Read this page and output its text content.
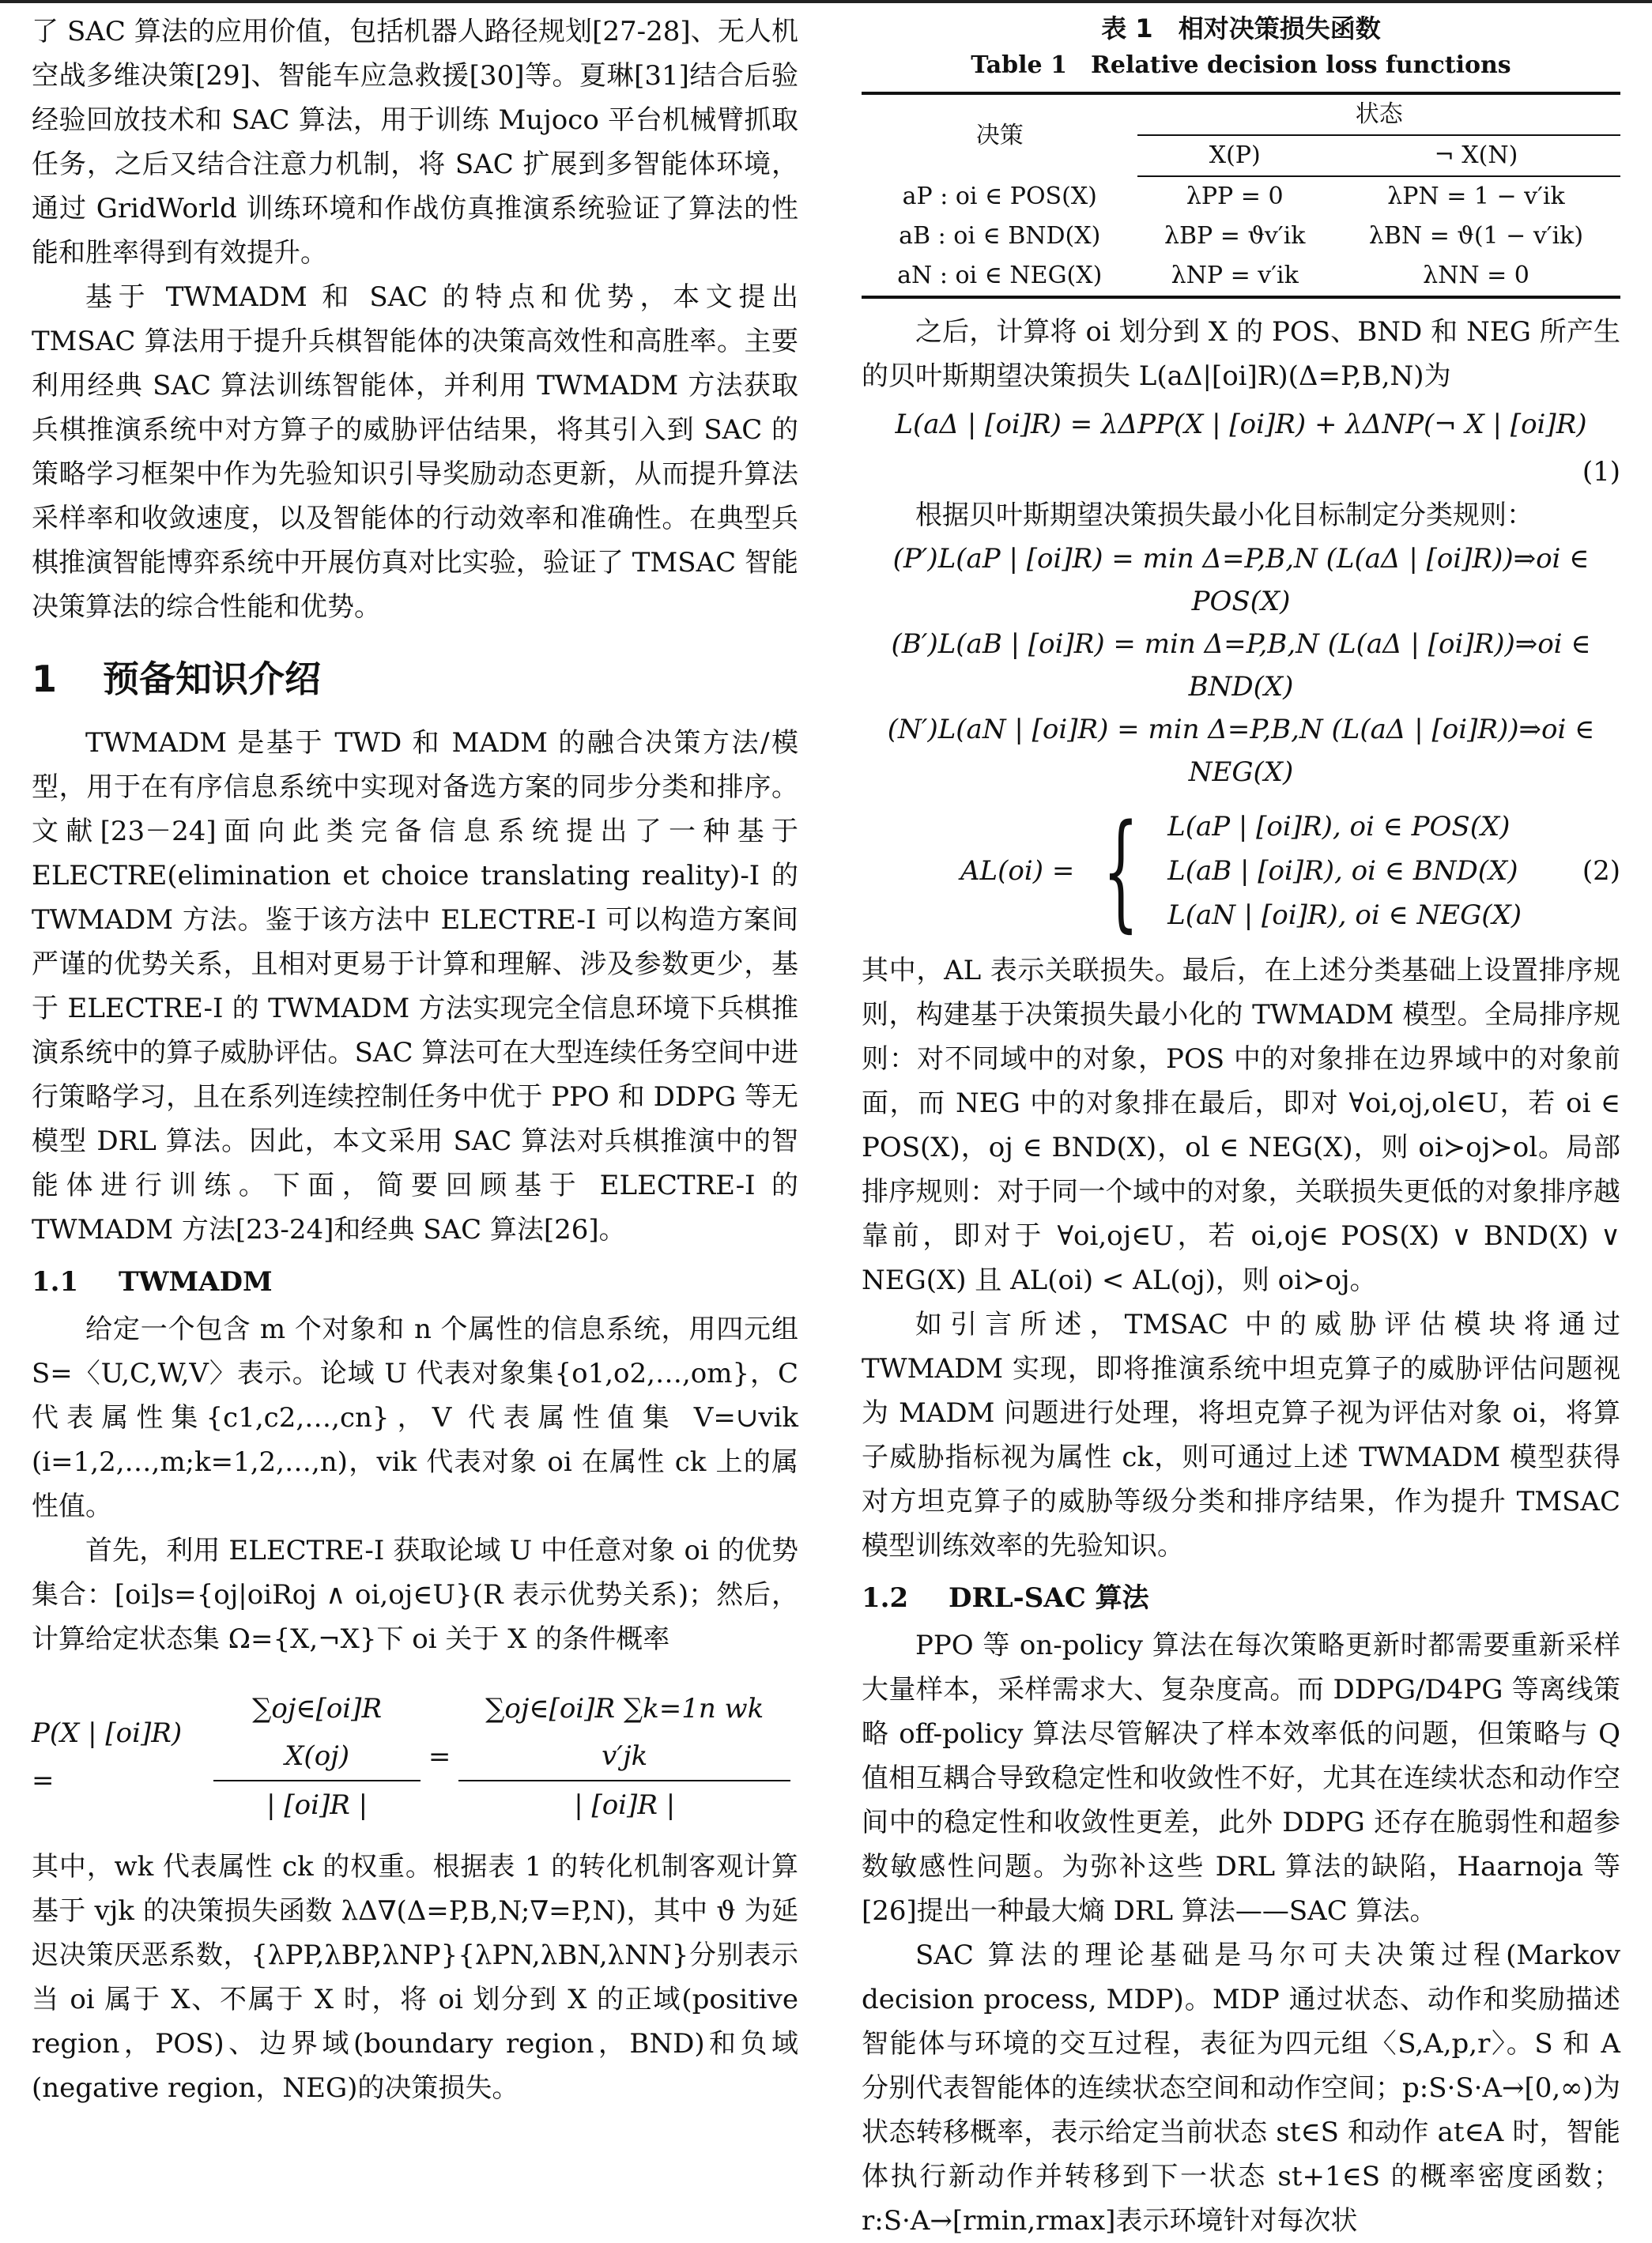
了 SAC 算法的应用价值，包括机器人路径规划[27-28]、无人机空战多维决策[29]、智能车应急救援[30]等。夏琳[31]结合后验经验回放技术和 SAC 算法，用于训练 Mujoco 平台机械臂抓取任务，之后又结合注意力机制，将 SAC 扩展到多智能体环境，通过 GridWorld 训练环境和作战仿真推演系统验证了算法的性能和胜率得到有效提升。

基于 TWMADM 和 SAC 的特点和优势，本文提出 TMSAC 算法用于提升兵棋智能体的决策高效性和高胜率。主要利用经典 SAC 算法训练智能体，并利用 TWMADM 方法获取兵棋推演系统中对方算子的威胁评估结果，将其引入到 SAC 的策略学习框架中作为先验知识引导奖励动态更新，从而提升算法采样率和收敛速度，以及智能体的行动效率和准确性。在典型兵棋推演智能博弈系统中开展仿真对比实验，验证了 TMSAC 智能决策算法的综合性能和优势。

1 预备知识介绍

TWMADM 是基于 TWD 和 MADM 的融合决策方法/模型，用于在有序信息系统中实现对备选方案的同步分类和排序。文献[23－24]面向此类完备信息系统提出了一种基于 ELECTRE(elimination et choice translating reality)-I 的 TWMADM 方法。鉴于该方法中 ELECTRE-I 可以构造方案间严谨的优势关系，且相对更易于计算和理解、涉及参数更少，基于 ELECTRE-I 的 TWMADM 方法实现完全信息环境下兵棋推演系统中的算子威胁评估。SAC 算法可在大型连续任务空间中进行策略学习，且在系列连续控制任务中优于 PPO 和 DDPG 等无模型 DRL 算法。因此，本文采用 SAC 算法对兵棋推演中的智能体进行训练。下面，简要回顾基于 ELECTRE-I 的 TWMADM 方法[23-24]和经典 SAC 算法[26]。

1.1 TWMADM

给定一个包含 m 个对象和 n 个属性的信息系统，用四元组 S=〈U,C,W,V〉表示。论域 U 代表对象集{o1,o2,…,om}，C 代表属性集{c1,c2,…,cn}，V 代表属性值集 V=∪vik (i=1,2,…,m;k=1,2,…,n)，vik 代表对象 oi 在属性 ck 上的属性值。

首先，利用 ELECTRE-I 获取论域 U 中任意对象 oi 的优势集合：[oi]s={oj|oiRoj ∧ oi,oj∈U}(R 表示优势关系)；然后，计算给定状态集 Ω={X,¬X}下 oi 关于 X 的条件概率

P(X | [oi]R) =	$\frac{\text{∑oj∈[oi]R X(oj)}}{| [oi]R |} = \frac{\text{∑oj∈[oi]R ∑k=1n wk v′jk}}{| [oi]R |}$

其中，wk 代表属性 ck 的权重。根据表 1 的转化机制客观计算基于 vjk 的决策损失函数 λΔ∇(Δ=P,B,N;∇=P,N)，其中 ϑ 为延迟决策厌恶系数，{λPP,λBP,λNP}{λPN,λBN,λNN}分别表示当 oi 属于 X、不属于 X 时，将 oi 划分到 X 的正域(positive region，POS)、边界域(boundary region，BND)和负域(negative region，NEG)的决策损失。

表 1　相对决策损失函数
Table 1　Relative decision loss functions
决策	状态	
	X(P)	¬ X(N)
aP : oi ∈ POS(X)	λPP = 0	λPN = 1 − v′ik
aB : oi ∈ BND(X)	λBP = ϑv′ik	λBN = ϑ(1 − v′ik)
aN : oi ∈ NEG(X)	λNP = v′ik	λNN = 0

之后，计算将 oi 划分到 X 的 POS、BND 和 NEG 所产生的贝叶斯期望决策损失 L(aΔ|[oi]R)(Δ=P,B,N)为

L(aΔ | [oi]R) = λΔPP(X | [oi]R) + λΔNP(¬ X | [oi]R)
(1)

根据贝叶斯期望决策损失最小化目标制定分类规则：

(P′)L(aP | [oi]R) = min Δ=P,B,N (L(aΔ | [oi]R))⇒oi ∈ POS(X)
(B′)L(aB | [oi]R) = min Δ=P,B,N (L(aΔ | [oi]R))⇒oi ∈ BND(X)
(N′)L(aN | [oi]R) = min Δ=P,B,N (L(aΔ | [oi]R))⇒oi ∈ NEG(X)
AL(oi) = { L(aP | [oi]R), oi ∈ POS(X)
L(aB | [oi]R), oi ∈ BND(X)
L(aN | [oi]R), oi ∈ NEG(X)
(2)

其中，AL 表示关联损失。最后，在上述分类基础上设置排序规则，构建基于决策损失最小化的 TWMADM 模型。全局排序规则：对不同域中的对象，POS 中的对象排在边界域中的对象前面，而 NEG 中的对象排在最后，即对 ∀oi,oj,ol∈U，若 oi ∈ POS(X)，oj ∈ BND(X)，ol ∈ NEG(X)，则 oi≻oj≻ol。局部排序规则：对于同一个域中的对象，关联损失更低的对象排序越靠前，即对于 ∀oi,oj∈U，若 oi,oj∈ POS(X) ∨ BND(X) ∨ NEG(X) 且 AL(oi) < AL(oj)，则 oi≻oj。

如引言所述，TMSAC 中的威胁评估模块将通过 TWMADM 实现，即将推演系统中坦克算子的威胁评估问题视为 MADM 问题进行处理，将坦克算子视为评估对象 oi，将算子威胁指标视为属性 ck，则可通过上述 TWMADM 模型获得对方坦克算子的威胁等级分类和排序结果，作为提升 TMSAC 模型训练效率的先验知识。

1.2 DRL-SAC 算法

PPO 等 on-policy 算法在每次策略更新时都需要重新采样大量样本，采样需求大、复杂度高。而 DDPG/D4PG 等离线策略 off-policy 算法尽管解决了样本效率低的问题，但策略与 Q 值相互耦合导致稳定性和收敛性不好，尤其在连续状态和动作空间中的稳定性和收敛性更差，此外 DDPG 还存在脆弱性和超参数敏感性问题。为弥补这些 DRL 算法的缺陷，Haarnoja 等[26]提出一种最大熵 DRL 算法——SAC 算法。

SAC 算法的理论基础是马尔可夫决策过程(Markov decision process, MDP)。MDP 通过状态、动作和奖励描述智能体与环境的交互过程，表征为四元组〈S,A,p,r〉。S 和 A 分别代表智能体的连续状态空间和动作空间；p:S·S·A→[0,∞)为状态转移概率，表示给定当前状态 st∈S 和动作 at∈A 时，智能体执行新动作并转移到下一状态 st+1∈S 的概率密度函数；r:S·A→[rmin,rmax]表示环境针对每次状
